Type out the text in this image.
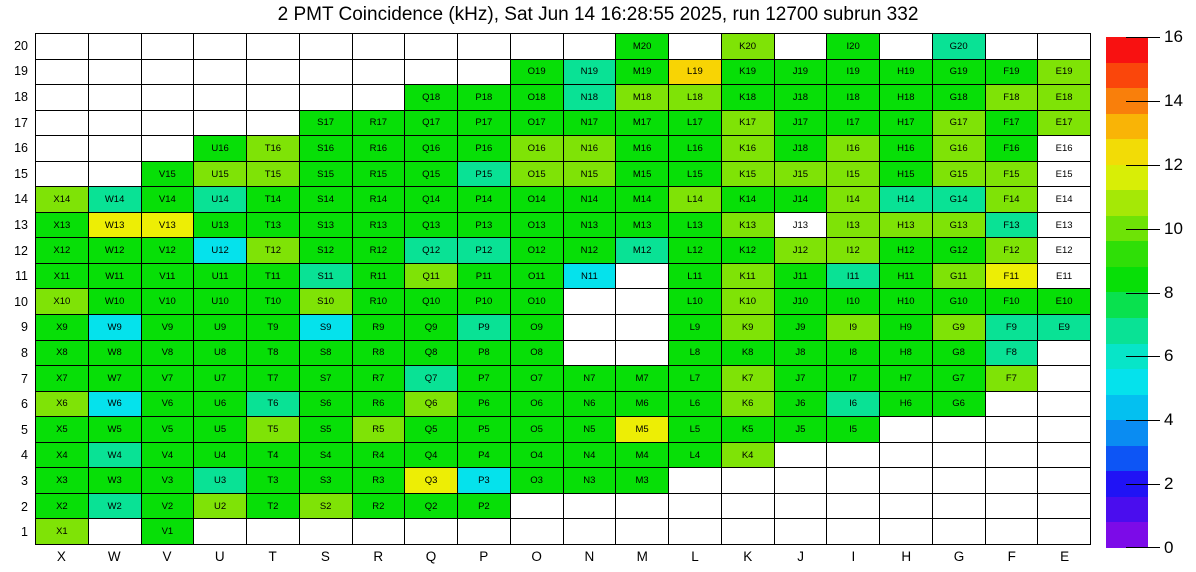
2 PMT Coincidence (kHz), Sat Jun 14 16:28:55 2025, run 12700 subrun 332
M20	K20	I20	G20
O19	N19	M19	L19	K19	J19	I19	H19	G19	F19	E19
Q18	P18	O18	N18	M18	L18	K18	J18	I18	H18	G18	F18	E18
S17	R17	Q17	P17	O17	N17	M17	L17	K17	J17	I17	H17	G17	F17	E17
U16	T16	S16	R16	Q16	P16	O16	N16	M16	L16	K16	J18	I16	H16	G16	F16	E16
V15	U15	T15	S15	R15	Q15	P15	O15	N15	M15	L15	K15	J15	I15	H15	G15	F15	E15
X14	W14	V14	U14	T14	S14	R14	Q14	P14	O14	N14	M14	L14	K14	J14	I14	H14	G14	F14	E14
X13	W13	V13	U13	T13	S13	R13	Q13	P13	O13	N13	M13	L13	K13	J13	I13	H13	G13	F13	E13
X12	W12	V12	U12	T12	S12	R12	Q12	P12	O12	N12	M12	L12	K12	J12	I12	H12	G12	F12	E12
X11	W11	V11	U11	T11	S11	R11	Q11	P11	O11	N11	L11	K11	J11	I11	H11	G11	F11	E11
X10	W10	V10	U10	T10	S10	R10	Q10	P10	O10	L10	K10	J10	I10	H10	G10	F10	E10
X9	W9	V9	U9	T9	S9	R9	Q9	P9	O9	L9	K9	J9	I9	H9	G9	F9	E9
X8	W8	V8	U8	T8	S8	R8	Q8	P8	O8	L8	K8	J8	I8	H8	G8	F8
X7	W7	V7	U7	T7	S7	R7	Q7	P7	O7	N7	M7	L7	K7	J7	I7	H7	G7	F7
X6	W6	V6	U6	T6	S6	R6	Q6	P6	O6	N6	M6	L6	K6	J6	I6	H6	G6
X5	W5	V5	U5	T5	S5	R5	Q5	P5	O5	N5	M5	L5	K5	J5	I5
X4	W4	V4	U4	T4	S4	R4	Q4	P4	O4	N4	M4	L4	K4
X3	W3	V3	U3	T3	S3	R3	Q3	P3	O3	N3	M3
X2	W2	V2	U2	T2	S2	R2	Q2	P2
X1	V1
20
19
18
17
16
15
14
13
12
11
10
9
8
7
6
5
4
3
2
1
X	W	V	U	T	S	R	Q	P	O	N	M	L	K	J	I	H	G	F	E	0
2
4
6
8
10
12
14
16
